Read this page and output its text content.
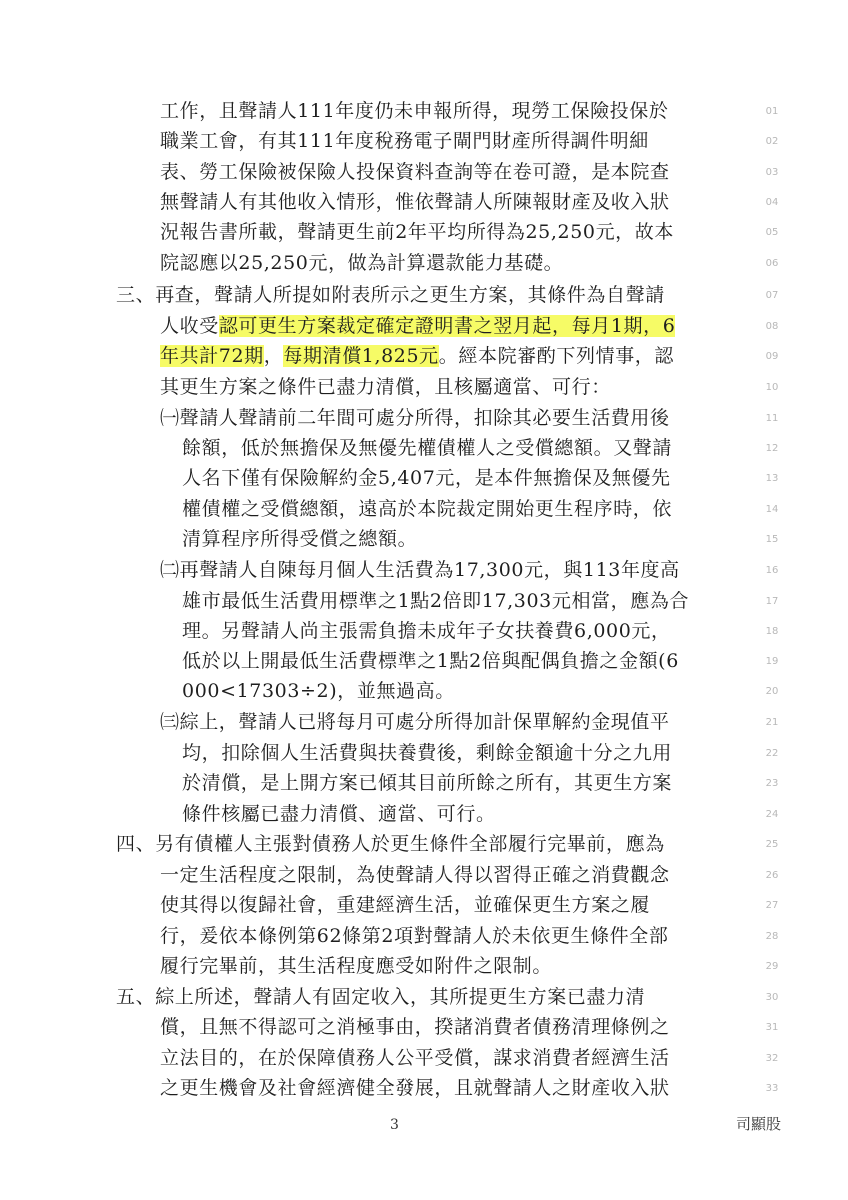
工作，且聲請人111年度仍未申報所得，現勞工保險投保於
職業工會，有其111年度稅務電子閘門財產所得調件明細
表、勞工保險被保險人投保資料查詢等在卷可證，是本院查
無聲請人有其他收入情形，惟依聲請人所陳報財產及收入狀
況報告書所載，聲請更生前2年平均所得為25,250元，故本
院認應以25,250元，做為計算還款能力基礎。
三、再查，聲請人所提如附表所示之更生方案，其條件為自聲請
人收受認可更生方案裁定確定證明書之翌月起，每月1期，6
年共計72期，每期清償1,825元。經本院審酌下列情事，認
其更生方案之條件已盡力清償，且核屬適當、可行：
㈠聲請人聲請前二年間可處分所得，扣除其必要生活費用後
餘額，低於無擔保及無優先權債權人之受償總額。又聲請
人名下僅有保險解約金5,407元，是本件無擔保及無優先
權債權之受償總額，遠高於本院裁定開始更生程序時，依
清算程序所得受償之總額。
㈡再聲請人自陳每月個人生活費為17,300元，與113年度高
雄市最低生活費用標準之1點2倍即17,303元相當，應為合
理。另聲請人尚主張需負擔未成年子女扶養費6,000元，
低於以上開最低生活費標準之1點2倍與配偶負擔之金額(6
000<17303÷2)，並無過高。
㈢綜上，聲請人已將每月可處分所得加計保單解約金現值平
均，扣除個人生活費與扶養費後，剩餘金額逾十分之九用
於清償，是上開方案已傾其目前所餘之所有，其更生方案
條件核屬已盡力清償、適當、可行。
四、另有債權人主張對債務人於更生條件全部履行完畢前，應為
一定生活程度之限制，為使聲請人得以習得正確之消費觀念
使其得以復歸社會，重建經濟生活，並確保更生方案之履
行，爰依本條例第62條第2項對聲請人於未依更生條件全部
履行完畢前，其生活程度應受如附件之限制。
五、綜上所述，聲請人有固定收入，其所提更生方案已盡力清
償，且無不得認可之消極事由，揆諸消費者債務清理條例之
立法目的，在於保障債務人公平受償，謀求消費者經濟生活
之更生機會及社會經濟健全發展，且就聲請人之財產收入狀
01
02
03
04
05
06
07
08
09
10
11
12
13
14
15
16
17
18
19
20
21
22
23
24
25
26
27
28
29
30
31
32
33
3	司顯股
